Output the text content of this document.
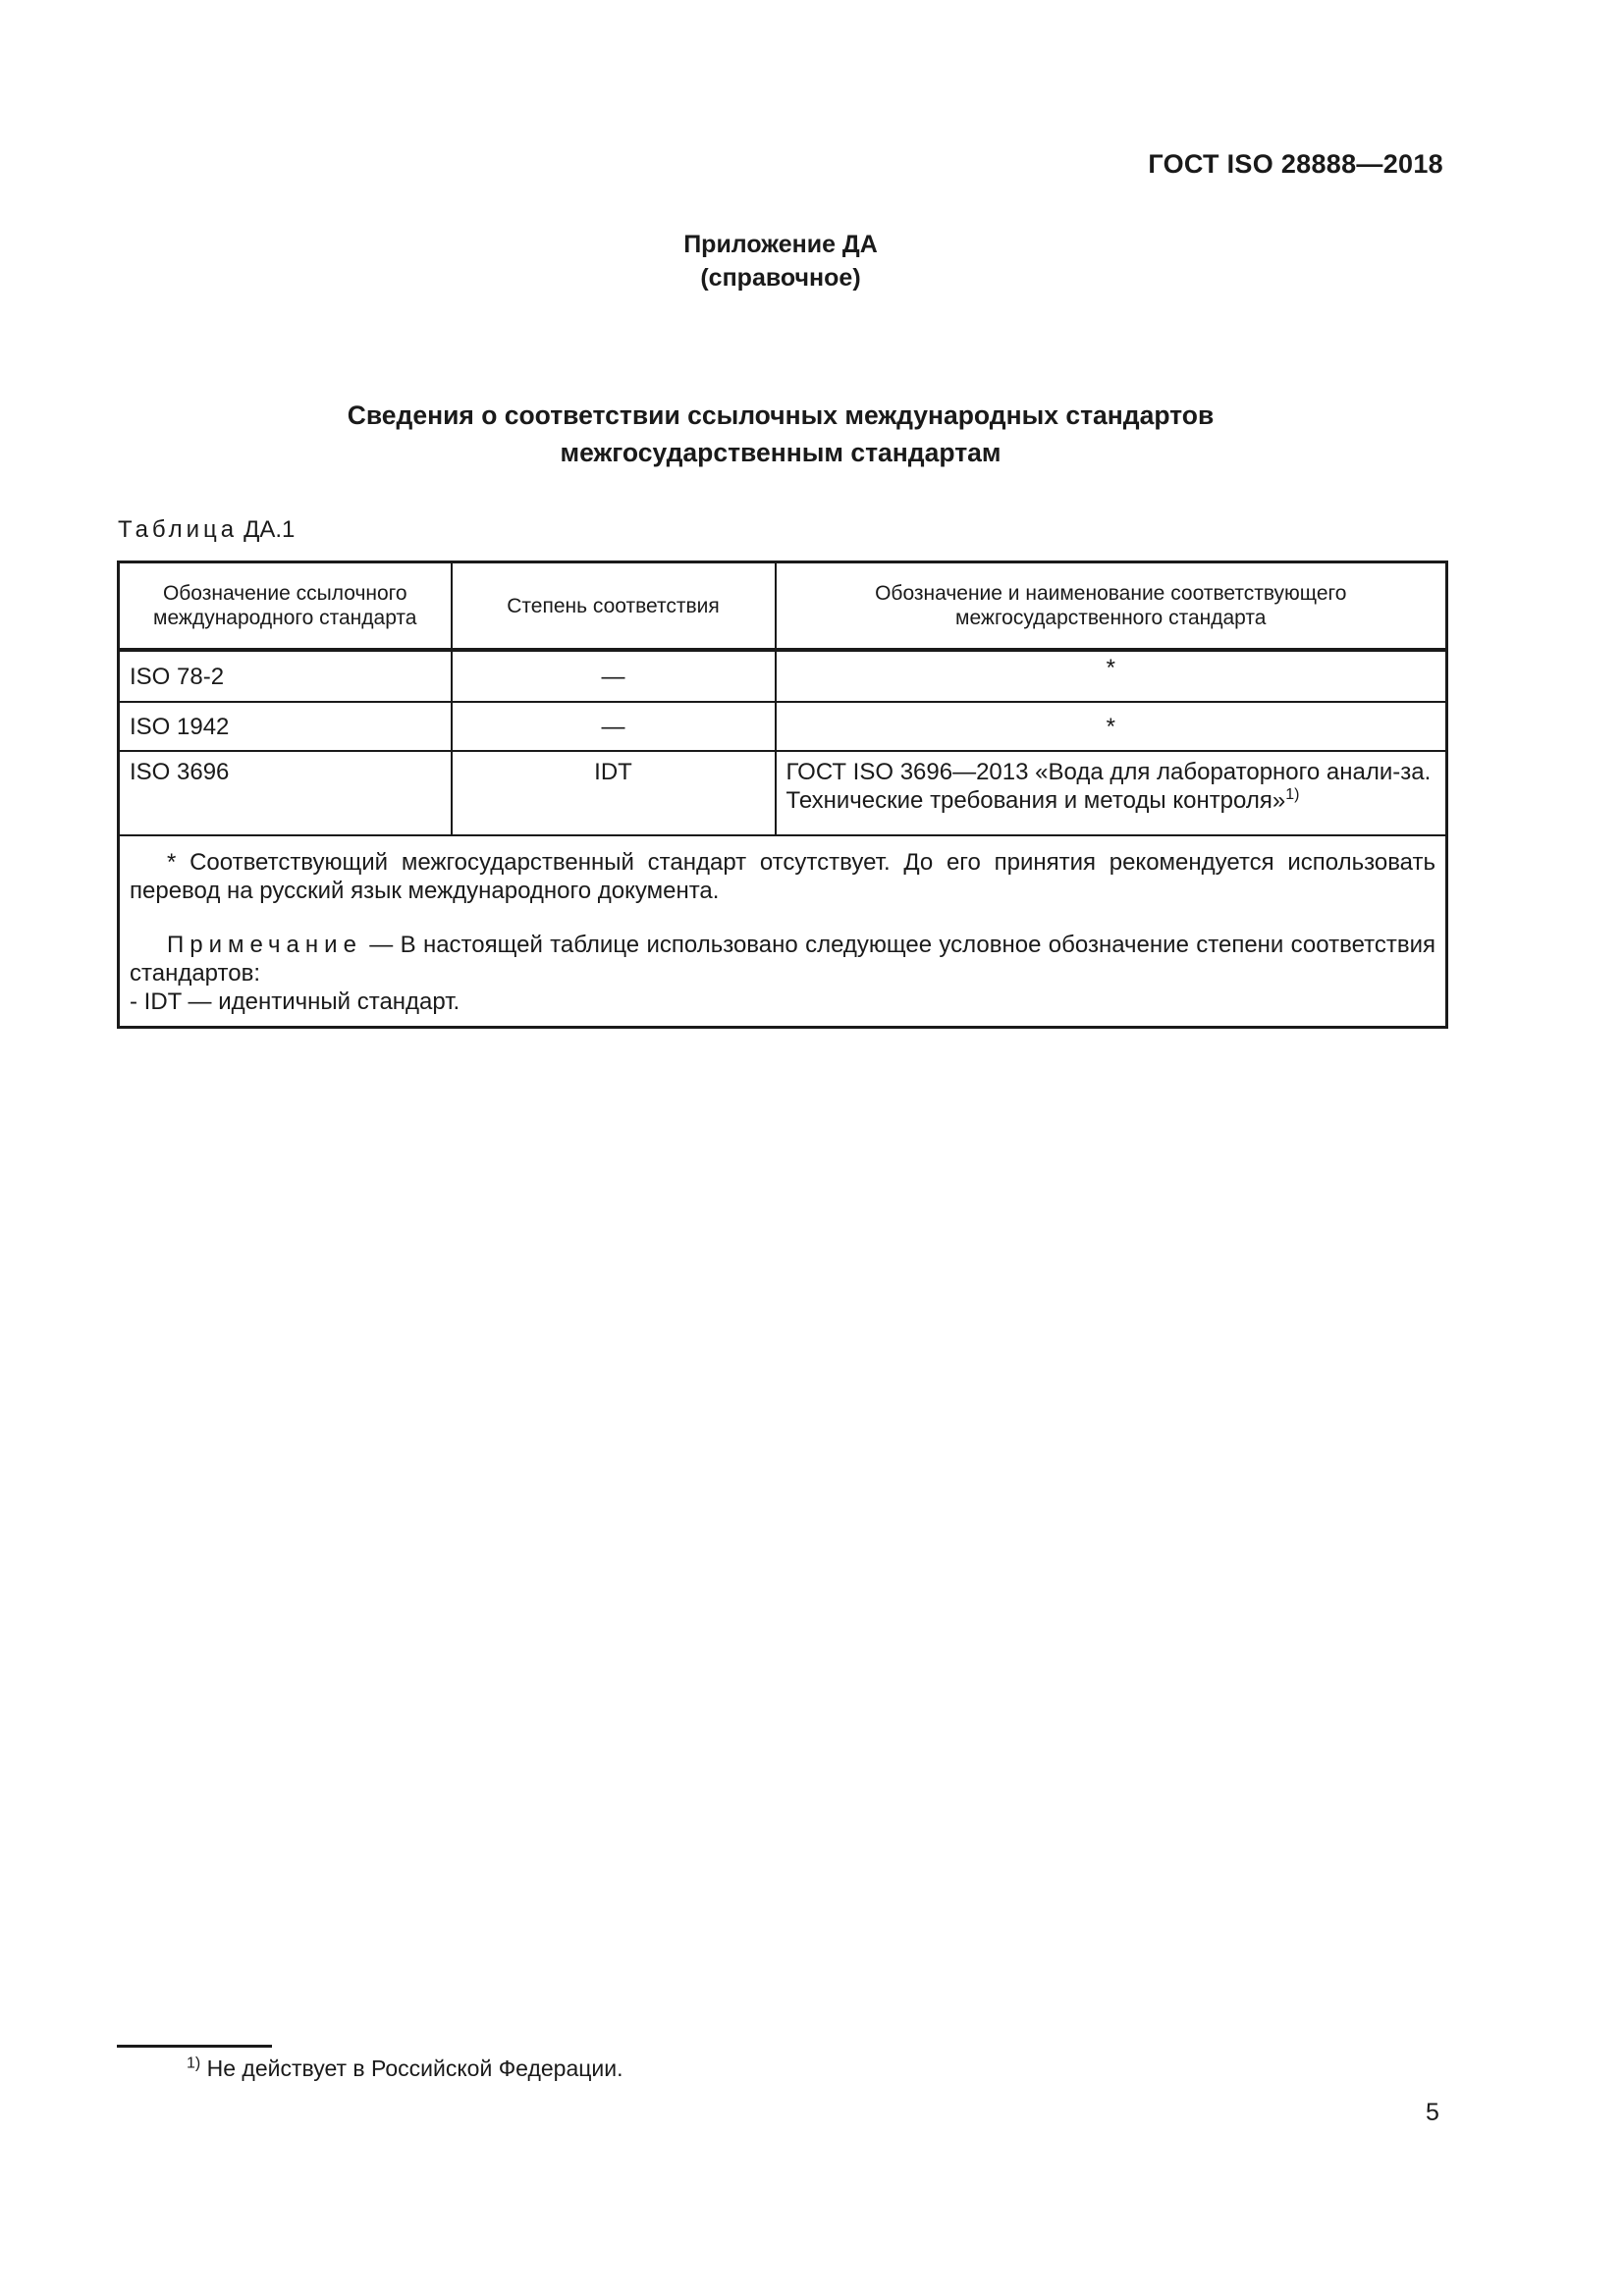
ГОСТ ISO 28888—2018
Приложение ДА
(справочное)
Сведения о соответствии ссылочных международных стандартов
межгосударственным стандартам
Таблица ДА.1
Обозначение ссылочного международного стандарта	Степень соответствия	Обозначение и наименование соответствующего межгосударственного стандарта
ISO 78-2	—	*
ISO 1942	—	*
ISO 3696	IDT	ГОСТ ISO 3696—2013 «Вода для лабораторного анали-за. Технические требования и методы контроля»$^{1)}$

* Соответствующий межгосударственный стандарт отсутствует. До его принятия рекомендуется использовать перевод на русский язык международного документа.

Примечание — В настоящей таблице использовано следующее условное обозначение степени соответствия стандартов:

- IDT — идентичный стандарт.		

$^{1)}$ Не действует в Российской Федерации.
5
